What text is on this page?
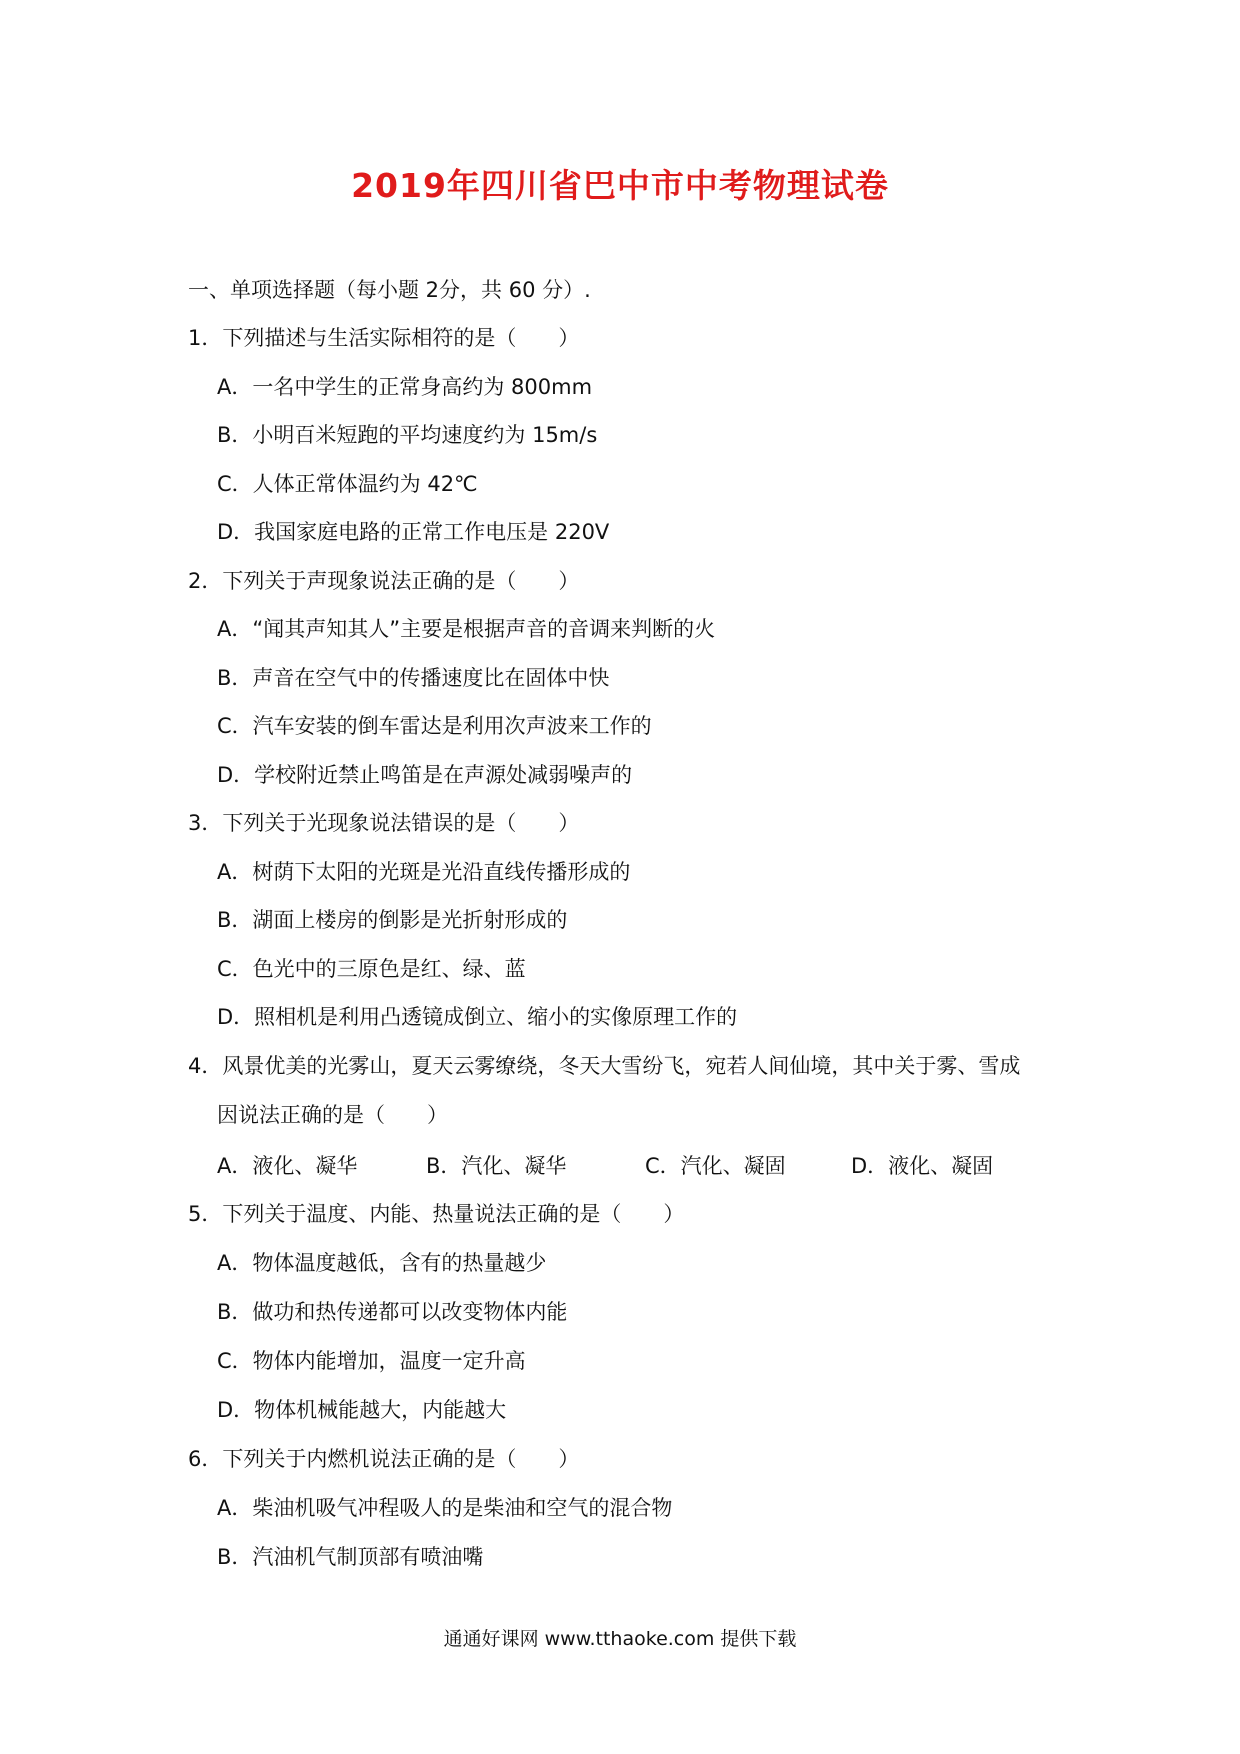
2019年四川省巴中市中考物理试卷
一、单项选择题（每小题 2分，共 60 分）.
1．下列描述与生活实际相符的是（　　）
A．一名中学生的正常身高约为 800mm
B．小明百米短跑的平均速度约为 15m/s
C．人体正常体温约为 42℃
D．我国家庭电路的正常工作电压是 220V
2．下列关于声现象说法正确的是（　　）
A．“闻其声知其人”主要是根据声音的音调来判断的火
B．声音在空气中的传播速度比在固体中快
C．汽车安装的倒车雷达是利用次声波来工作的
D．学校附近禁止鸣笛是在声源处减弱噪声的
3．下列关于光现象说法错误的是（　　）
A．树荫下太阳的光斑是光沿直线传播形成的
B．湖面上楼房的倒影是光折射形成的
C．色光中的三原色是红、绿、蓝
D．照相机是利用凸透镜成倒立、缩小的实像原理工作的
4．风景优美的光雾山，夏天云雾缭绕，冬天大雪纷飞，宛若人间仙境，其中关于雾、雪成
因说法正确的是（　　）
A．液化、凝华	B．汽化、凝华	C．汽化、凝固	D．液化、凝固
5．下列关于温度、内能、热量说法正确的是（　　）
A．物体温度越低，含有的热量越少
B．做功和热传递都可以改变物体内能
C．物体内能增加，温度一定升高
D．物体机械能越大，内能越大
6．下列关于内燃机说法正确的是（　　）
A．柴油机吸气冲程吸人的是柴油和空气的混合物
B．汽油机气制顶部有喷油嘴
通通好课网 www.tthaoke.com 提供下载
